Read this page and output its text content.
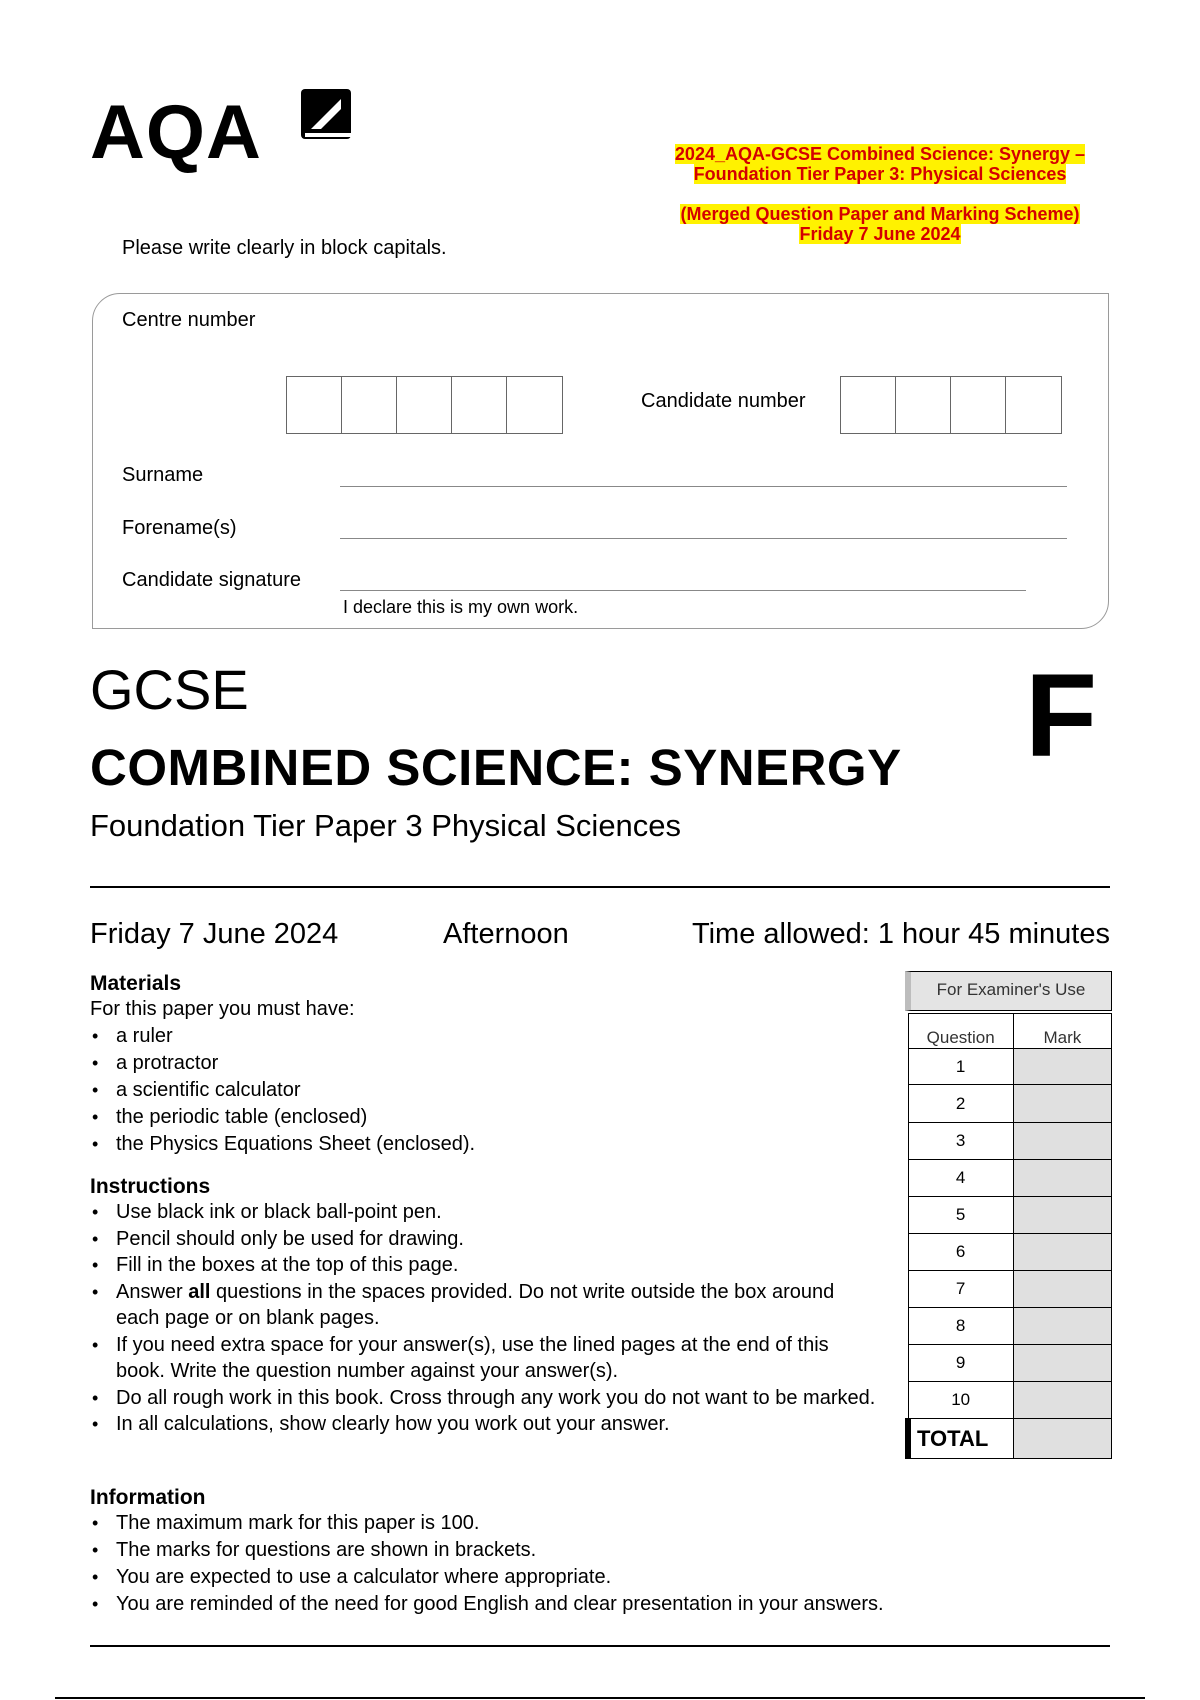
AQA	2024_AQA-GCSE Combined Science: Synergy –
Foundation Tier Paper 3: Physical Sciences
(Merged Question Paper and Marking Scheme)
Friday 7 June 2024
Please write clearly in block capitals.
Centre number
Candidate number
Surname
Forename(s)
Candidate signature
I declare this is my own work.
GCSE
COMBINED SCIENCE: SYNERGY
Foundation Tier Paper 3 Physical Sciences
F
Friday 7 June 2024	Afternoon	Time allowed: 1 hour 45 minutes
Materials

For this paper you must have:

• a ruler
• a protractor
• a scientific calculator
• the periodic table (enclosed)
• the Physics Equations Sheet (enclosed).
Instructions
• Use black ink or black ball-point pen.
• Pencil should only be used for drawing.
• Fill in the boxes at the top of this page.
• Answer all questions in the spaces provided. Do not write outside the box around each page or on blank pages.
• If you need extra space for your answer(s), use the lined pages at the end of this book. Write the question number against your answer(s).
• Do all rough work in this book. Cross through any work you do not want to be marked.
• In all calculations, show clearly how you work out your answer.
Information
• The maximum mark for this paper is 100.
• The marks for questions are shown in brackets.
• You are expected to use a calculator where appropriate.
• You are reminded of the need for good English and clear presentation in your answers.
For Examiner's Use
Question	Mark
1	
2	
3	
4	
5	
6	
7	
8	
9	
10	
TOTAL	
